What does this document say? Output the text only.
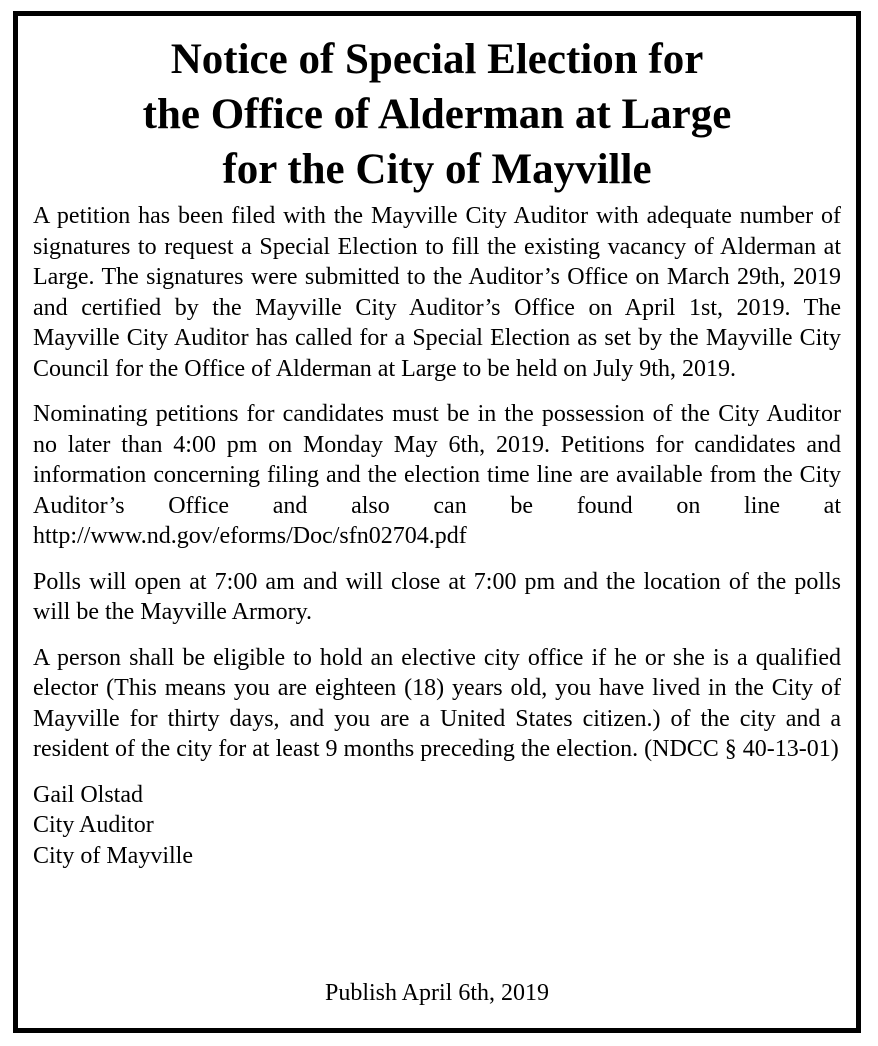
Notice of Special Election for
the Office of Alderman at Large
for the City of Mayville

A petition has been filed with the Mayville City Auditor with adequate number of signatures to request a Special Election to fill the existing vacancy of Alderman at Large. The signatures were submitted to the Auditor’s Office on March 29th, 2019 and certified by the Mayville City Auditor’s Office on April 1st, 2019. The Mayville City Auditor has called for a Special Election as set by the Mayville City Council for the Office of Alderman at Large to be held on July 9th, 2019.

Nominating petitions for candidates must be in the possession of the City Auditor no later than 4:00 pm on Monday May 6th, 2019. Petitions for candidates and information concerning filing and the election time line are available from the City Auditor’s Office and also can be found on line at http://www.nd.gov/eforms/Doc/sfn02704.pdf

Polls will open at 7:00 am and will close at 7:00 pm and the location of the polls will be the Mayville Armory.

A person shall be eligible to hold an elective city office if he or she is a qualified elector (This means you are eighteen (18) years old, you have lived in the City of Mayville for thirty days, and you are a United States citizen.) of the city and a resident of the city for at least 9 months preceding the election. (NDCC § 40-13-01)

Gail Olstad
City Auditor
City of Mayville
Publish April 6th, 2019
